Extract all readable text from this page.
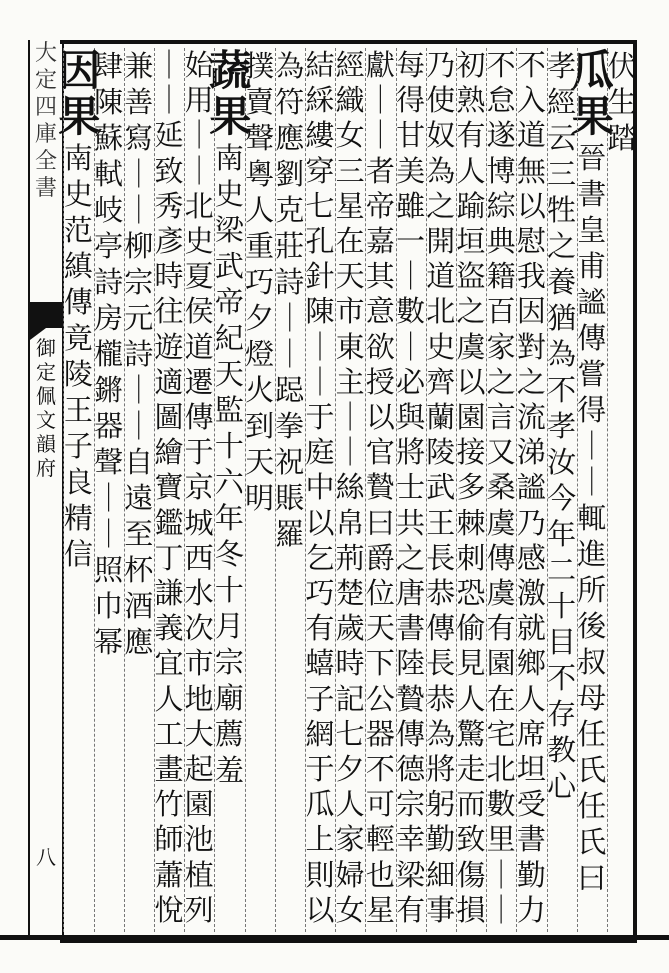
大
定
四
庫
全
書
御
定
佩
文
韻
府
八
伏
生
踏
瓜
果
晉
書
皇
甫
謐
傳
嘗
得
｜
｜
輒
進
所
後
叔
母
任
氏
任
氏
曰
孝
經
云
三
牲
之
養
猶
為
不
孝
汝
今
年
二
十
目
不
存
教
心
不
入
道
無
以
慰
我
因
對
之
流
涕
謐
乃
感
激
就
鄉
人
席
坦
受
書
勤
力
不
怠
遂
博
綜
典
籍
百
家
之
言
又
桑
虞
傳
虞
有
園
在
宅
北
數
里
｜
｜
初
熟
有
人
踰
垣
盜
之
虞
以
園
接
多
棘
刺
恐
偷
見
人
驚
走
而
致
傷
損
乃
使
奴
為
之
開
道
北
史
齊
蘭
陵
武
王
長
恭
傳
長
恭
為
將
躬
勤
細
事
每
得
甘
美
雖
一
｜
數
｜
必
與
將
士
共
之
唐
書
陸
贄
傳
德
宗
幸
梁
有
獻
｜
｜
者
帝
嘉
其
意
欲
授
以
官
贄
曰
爵
位
天
下
公
器
不
可
輕
也
星
經
織
女
三
星
在
天
市
東
主
｜
｜
絲
帛
荊
楚
歲
時
記
七
夕
人
家
婦
女
結
綵
縷
穿
七
孔
針
陳
｜
｜
于
庭
中
以
乞
巧
有
蟢
子
網
于
瓜
上
則
以
為
符
應
劉
克
莊
詩
｜
｜
跽
拳
祝
賬
羅
撲
賣
聲
粵
人
重
巧
夕
燈
火
到
天
明
蔬
果
南
史
梁
武
帝
紀
天
監
十
六
年
冬
十
月
宗
廟
薦
羞
始
用
｜
｜
北
史
夏
侯
道
遷
傳
于
京
城
西
水
次
市
地
大
起
園
池
植
列
｜
｜
延
致
秀
彥
時
往
遊
適
圖
繪
寶
鑑
丁
謙
義
宜
人
工
畫
竹
師
蕭
悅
兼
善
寫
｜
｜
柳
宗
元
詩
｜
｜
自
遠
至
杯
酒
應
肆
陳
蘇
軾
岐
亭
詩
房
櫳
鏘
器
聲
｜
｜
照
巾
幂
因
果
南
史
范
縝
傳
竟
陵
王
子
良
精
信
